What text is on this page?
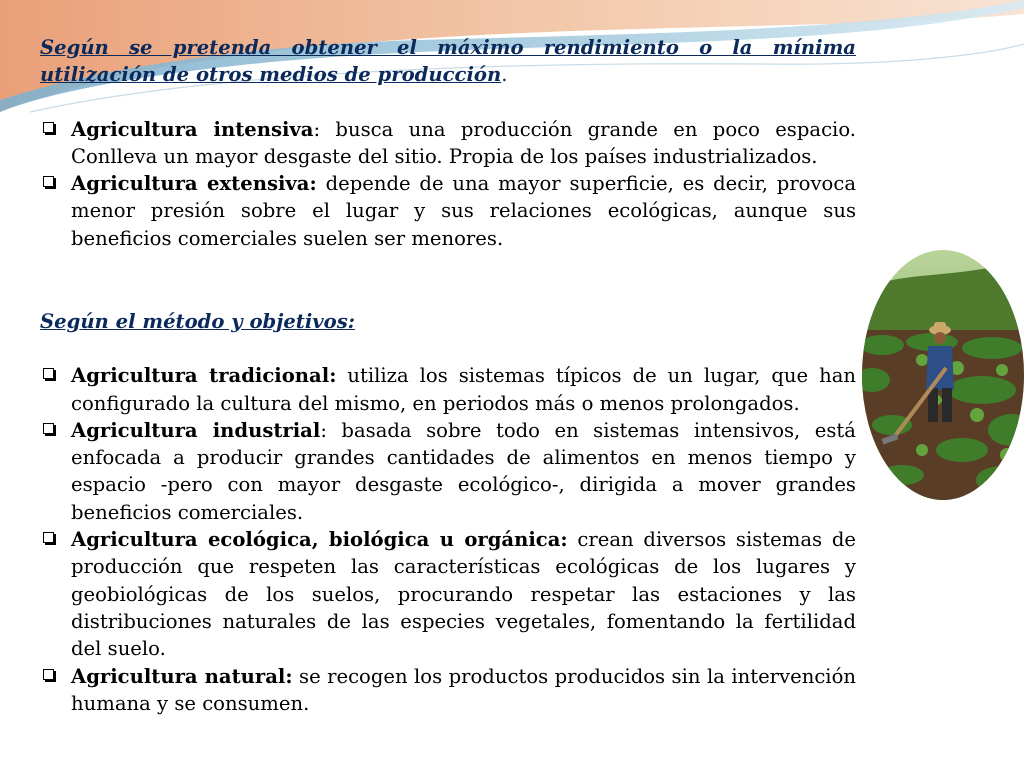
Según se pretenda obtener el máximo rendimiento o la mínima utilización de otros medios de producción.
Agricultura intensiva: busca una producción grande en poco espacio. Conlleva un mayor desgaste del sitio. Propia de los países industrializados.
Agricultura extensiva: depende de una mayor superficie, es decir, provoca menor presión sobre el lugar y sus relaciones ecológicas, aunque sus beneficios comerciales suelen ser menores.
Según el método y objetivos:
Agricultura tradicional: utiliza los sistemas típicos de un lugar, que han configurado la cultura del mismo, en periodos más o menos prolongados.
Agricultura industrial: basada sobre todo en sistemas intensivos, está enfocada a producir grandes cantidades de alimentos en menos tiempo y espacio -pero con mayor desgaste ecológico-, dirigida a mover grandes beneficios comerciales.
Agricultura ecológica, biológica u orgánica: crean diversos sistemas de producción que respeten las características ecológicas de los lugares y geobiológicas de los suelos, procurando respetar las estaciones y las distribuciones naturales de las especies vegetales, fomentando la fertilidad del suelo.
Agricultura natural: se recogen los productos producidos sin la intervención humana y se consumen.
